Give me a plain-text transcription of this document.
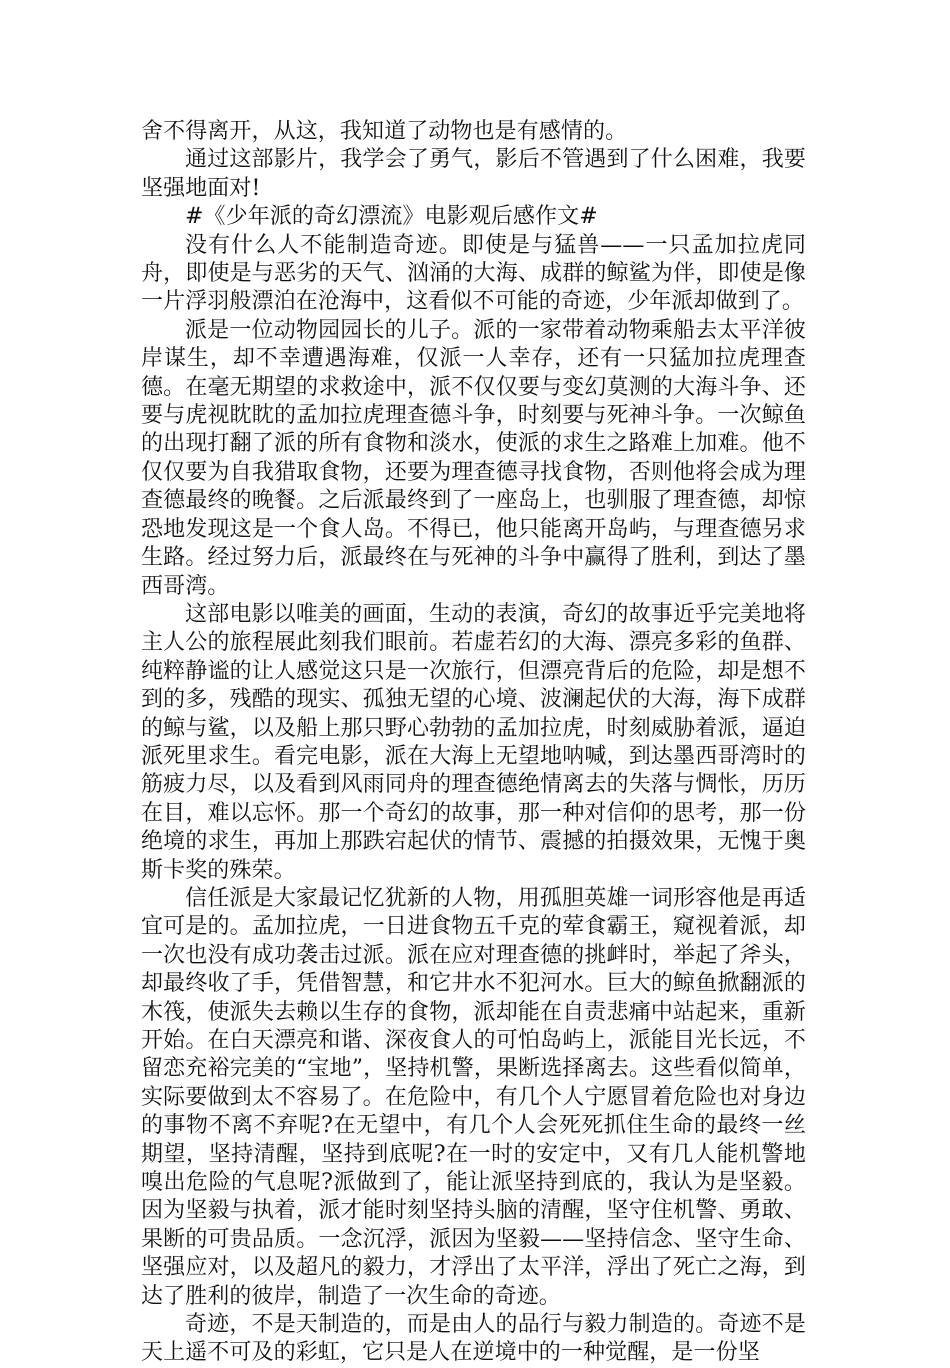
舍不得离开，从这，我知道了动物也是有感情的。

通过这部影片，我学会了勇气，影后不管遇到了什么困难，我要坚强地面对!

#《少年派的奇幻漂流》电影观后感作文#

没有什么人不能制造奇迹。即使是与猛兽——一只孟加拉虎同舟，即使是与恶劣的天气、汹涌的大海、成群的鲸鲨为伴，即使是像一片浮羽般漂泊在沧海中，这看似不可能的奇迹，少年派却做到了。

派是一位动物园园长的儿子。派的一家带着动物乘船去太平洋彼岸谋生，却不幸遭遇海难，仅派一人幸存，还有一只猛加拉虎理查德。在毫无期望的求救途中，派不仅仅要与变幻莫测的大海斗争、还要与虎视眈眈的孟加拉虎理查德斗争，时刻要与死神斗争。一次鲸鱼的出现打翻了派的所有食物和淡水，使派的求生之路难上加难。他不仅仅要为自我猎取食物，还要为理查德寻找食物，否则他将会成为理查德最终的晚餐。之后派最终到了一座岛上，也驯服了理查德，却惊恐地发现这是一个食人岛。不得已，他只能离开岛屿，与理查德另求生路。经过努力后，派最终在与死神的斗争中赢得了胜利，到达了墨西哥湾。

这部电影以唯美的画面，生动的表演，奇幻的故事近乎完美地将主人公的旅程展此刻我们眼前。若虚若幻的大海、漂亮多彩的鱼群、纯粹静谧的让人感觉这只是一次旅行，但漂亮背后的危险，却是想不到的多，残酷的现实、孤独无望的心境、波澜起伏的大海，海下成群的鲸与鲨，以及船上那只野心勃勃的孟加拉虎，时刻威胁着派，逼迫派死里求生。看完电影，派在大海上无望地呐喊，到达墨西哥湾时的筋疲力尽，以及看到风雨同舟的理查德绝情离去的失落与惆怅，历历在目，难以忘怀。那一个奇幻的故事，那一种对信仰的思考，那一份绝境的求生，再加上那跌宕起伏的情节、震撼的拍摄效果，无愧于奥斯卡奖的殊荣。

信任派是大家最记忆犹新的人物，用孤胆英雄一词形容他是再适宜可是的。孟加拉虎，一日进食物五千克的荤食霸王，窥视着派，却一次也没有成功袭击过派。派在应对理查德的挑衅时，举起了斧头，却最终收了手，凭借智慧，和它井水不犯河水。巨大的鲸鱼掀翻派的木筏，使派失去赖以生存的食物，派却能在自责悲痛中站起来，重新开始。在白天漂亮和谐、深夜食人的可怕岛屿上，派能目光长远，不留恋充裕完美的“宝地”，坚持机警，果断选择离去。这些看似简单，实际要做到太不容易了。在危险中，有几个人宁愿冒着危险也对身边的事物不离不弃呢?在无望中，有几个人会死死抓住生命的最终一丝期望，坚持清醒，坚持到底呢?在一时的安定中，又有几人能机警地嗅出危险的气息呢?派做到了，能让派坚持到底的，我认为是坚毅。因为坚毅与执着，派才能时刻坚持头脑的清醒，坚守住机警、勇敢、果断的可贵品质。一念沉浮，派因为坚毅——坚持信念、坚守生命、坚强应对，以及超凡的毅力，才浮出了太平洋，浮出了死亡之海，到达了胜利的彼岸，制造了一次生命的奇迹。

奇迹，不是天制造的，而是由人的品行与毅力制造的。奇迹不是天上遥不可及的彩虹，它只是人在逆境中的一种觉醒，是一份坚
